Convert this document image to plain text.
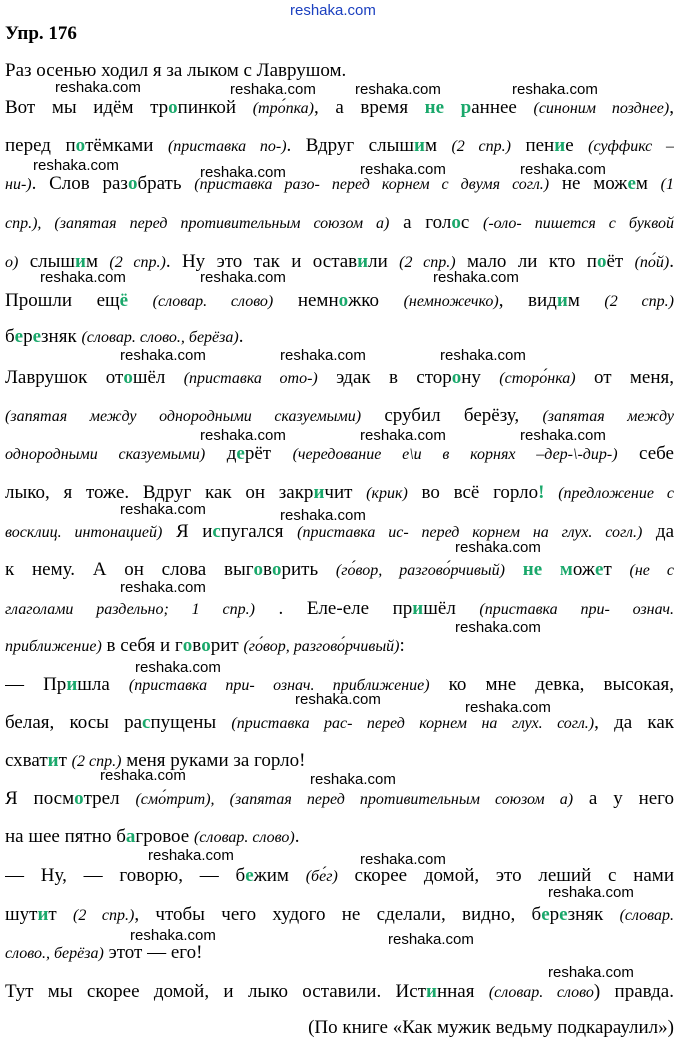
reshaka.com
Упр. 176
Раз осенью ходил я за лыком с Лаврушом.
Вот мы идём тропинкой (тро́пка), а время не раннее (синоним позднее),
перед потёмками (приставка по-). Вдруг слышим (2 спр.) пение (суффикс –
ни-). Слов разобрать (приставка разо- перед корнем с двумя согл.) не можем (1
спр.), (запятая перед противительным союзом а) а голос (-оло- пишется с буквой
о) слышим (2 спр.). Ну это так и оставили (2 спр.) мало ли кто поёт (по́й).
Прошли ещё (словар. слово) немножко (немножечко), видим (2 спр.)
березняк (словар. слово., берёза).
Лаврушок отошёл (приставка ото-) эдак в сторону (сторо́нка) от меня,
(запятая между однородными сказуемыми) срубил берёзу, (запятая между
однородными сказуемыми) дерёт (чередование е\и в корнях –дер-\-дир-) себе
лыко, я тоже. Вдруг как он закричит (крик) во всё горло! (предложение с
восклиц. интонацией) Я испугался (приставка ис- перед корнем на глух. согл.) да
к нему. А он слова выговорить (го́вор, разгово́рчивый) не может (не с
глаголами раздельно; 1 спр.) . Еле-еле пришёл (приставка при- означ.
приближение) в себя и говорит (го́вор, разгово́рчивый):
— Пришла (приставка при- означ. приближение) ко мне девка, высокая,
белая, косы распущены (приставка рас- перед корнем на глух. согл.), да как
схватит (2 спр.) меня руками за горло!
Я посмотрел (смо́трит), (запятая перед противительным союзом а) а у него
на шее пятно багровое (словар. слово).
— Ну, — говорю, — бежим (бе́г) скорее домой, это леший с нами
шутит (2 спр.), чтобы чего худого не сделали, видно, березняк (словар.
слово., берёза) этот — его!
Тут мы скорее домой, и лыко оставили. Истинная (словар. слово) правда.
(По книге «Как мужик ведьму подкараулил»)
reshaka.com	reshaka.com	reshaka.com	reshaka.com
reshaka.com	reshaka.com	reshaka.com	reshaka.com
reshaka.com	reshaka.com	reshaka.com
reshaka.com	reshaka.com	reshaka.com
reshaka.com	reshaka.com	reshaka.com
reshaka.com	reshaka.com
reshaka.com
reshaka.com
reshaka.com
reshaka.com
reshaka.com	reshaka.com
reshaka.com	reshaka.com
reshaka.com	reshaka.com
reshaka.com
reshaka.com	reshaka.com
reshaka.com
